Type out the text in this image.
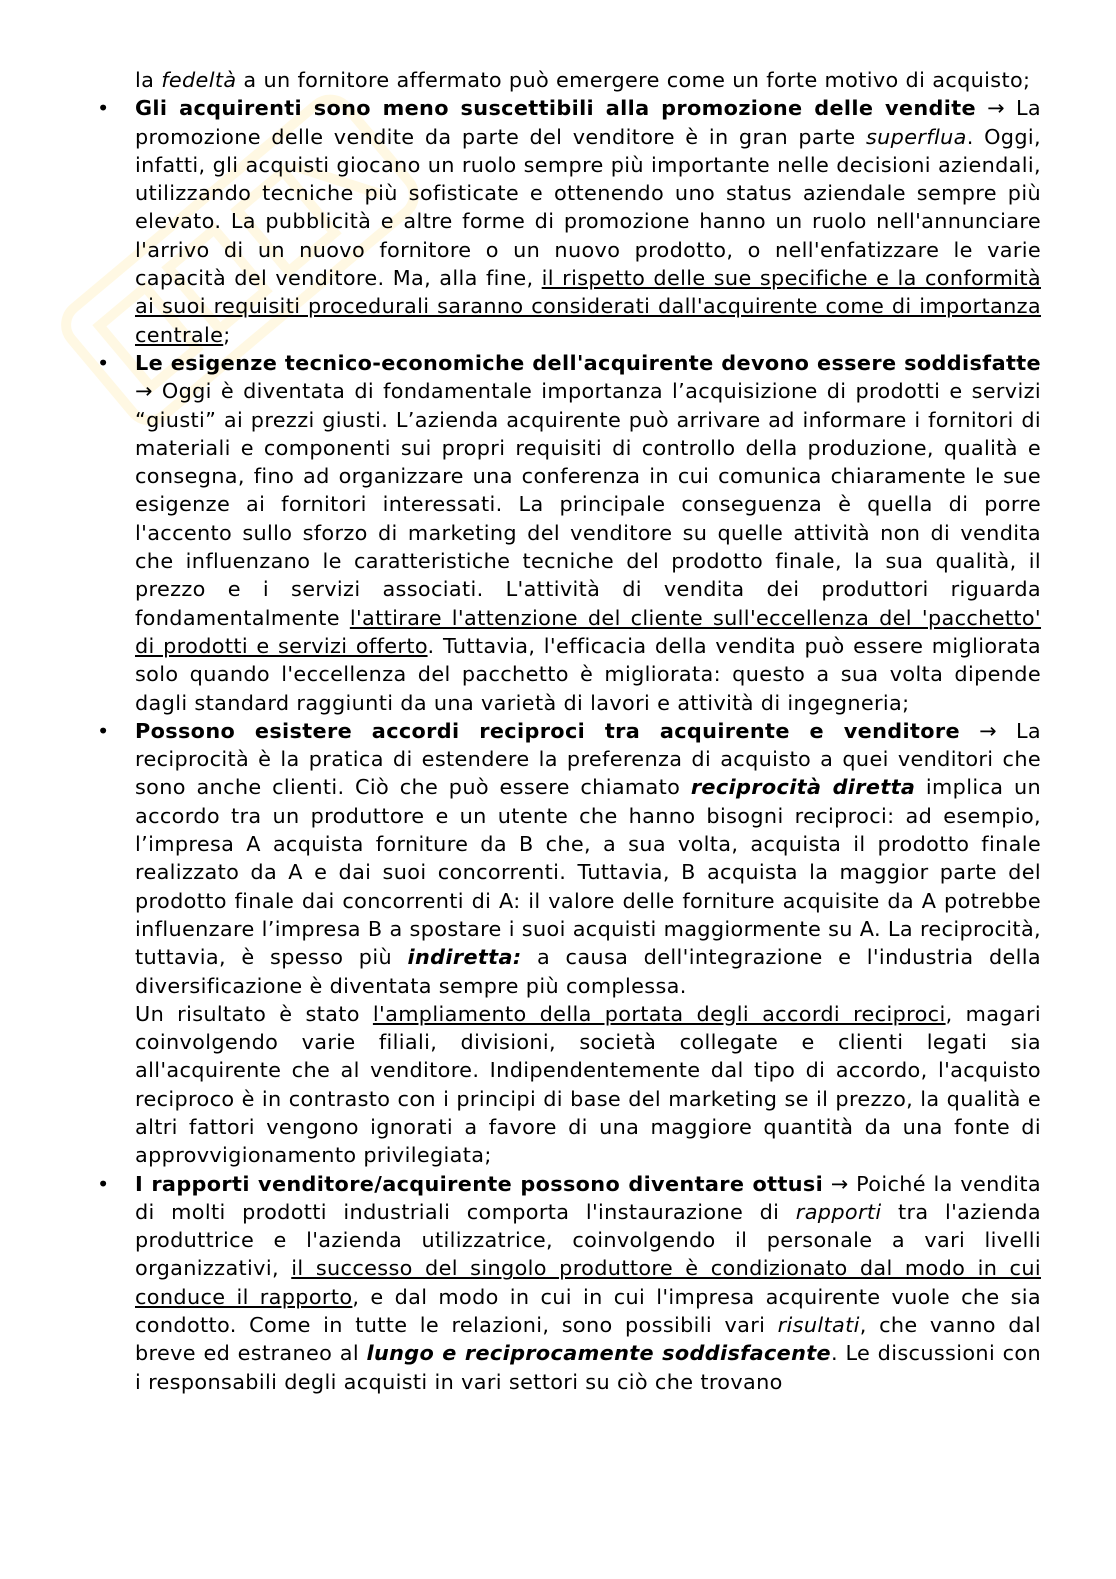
la fedeltà a un fornitore affermato può emergere come un forte motivo di acquisto;

• Gli acquirenti sono meno suscettibili alla promozione delle vendite → La promozione delle vendite da parte del venditore è in gran parte superflua. Oggi, infatti, gli acquisti giocano un ruolo sempre più importante nelle decisioni aziendali, utilizzando tecniche più sofisticate e ottenendo uno status aziendale sempre più elevato. La pubblicità e altre forme di promozione hanno un ruolo nell'annunciare l'arrivo di un nuovo fornitore o un nuovo prodotto, o nell'enfatizzare le varie capacità del venditore. Ma, alla fine, il rispetto delle sue specifiche e la conformità ai suoi requisiti procedurali saranno considerati dall'acquirente come di importanza centrale;
• Le esigenze tecnico-economiche dell'acquirente devono essere soddisfatte → Oggi è diventata di fondamentale importanza l’acquisizione di prodotti e servizi “giusti” ai prezzi giusti. L’azienda acquirente può arrivare ad informare i fornitori di materiali e componenti sui propri requisiti di controllo della produzione, qualità e consegna, fino ad organizzare una conferenza in cui comunica chiaramente le sue esigenze ai fornitori interessati. La principale conseguenza è quella di porre l'accento sullo sforzo di marketing del venditore su quelle attività non di vendita che influenzano le caratteristiche tecniche del prodotto finale, la sua qualità, il prezzo e i servizi associati. L'attività di vendita dei produttori riguarda fondamentalmente l'attirare l'attenzione del cliente sull'eccellenza del 'pacchetto' di prodotti e servizi offerto. Tuttavia, l'efficacia della vendita può essere migliorata solo quando l'eccellenza del pacchetto è migliorata: questo a sua volta dipende dagli standard raggiunti da una varietà di lavori e attività di ingegneria;
• Possono esistere accordi reciproci tra acquirente e venditore → La reciprocità è la pratica di estendere la preferenza di acquisto a quei venditori che sono anche clienti. Ciò che può essere chiamato reciprocità diretta implica un accordo tra un produttore e un utente che hanno bisogni reciproci: ad esempio, l’impresa A acquista forniture da B che, a sua volta, acquista il prodotto finale realizzato da A e dai suoi concorrenti. Tuttavia, B acquista la maggior parte del prodotto finale dai concorrenti di A: il valore delle forniture acquisite da A potrebbe influenzare l’impresa B a spostare i suoi acquisti maggiormente su A. La reciprocità, tuttavia, è spesso più indiretta: a causa dell'integrazione e l'industria della diversificazione è diventata sempre più complessa.

Un risultato è stato l'ampliamento della portata degli accordi reciproci, magari coinvolgendo varie filiali, divisioni, società collegate e clienti legati sia all'acquirente che al venditore. Indipendentemente dal tipo di accordo, l'acquisto reciproco è in contrasto con i principi di base del marketing se il prezzo, la qualità e altri fattori vengono ignorati a favore di una maggiore quantità da una fonte di approvvigionamento privilegiata;

• I rapporti venditore/acquirente possono diventare ottusi → Poiché la vendita di molti prodotti industriali comporta l'instaurazione di rapporti tra l'azienda produttrice e l'azienda utilizzatrice, coinvolgendo il personale a vari livelli organizzativi, il successo del singolo produttore è condizionato dal modo in cui conduce il rapporto, e dal modo in cui in cui l'impresa acquirente vuole che sia condotto. Come in tutte le relazioni, sono possibili vari risultati, che vanno dal breve ed estraneo al lungo e reciprocamente soddisfacente. Le discussioni con i responsabili degli acquisti in vari settori su ciò che trovano
